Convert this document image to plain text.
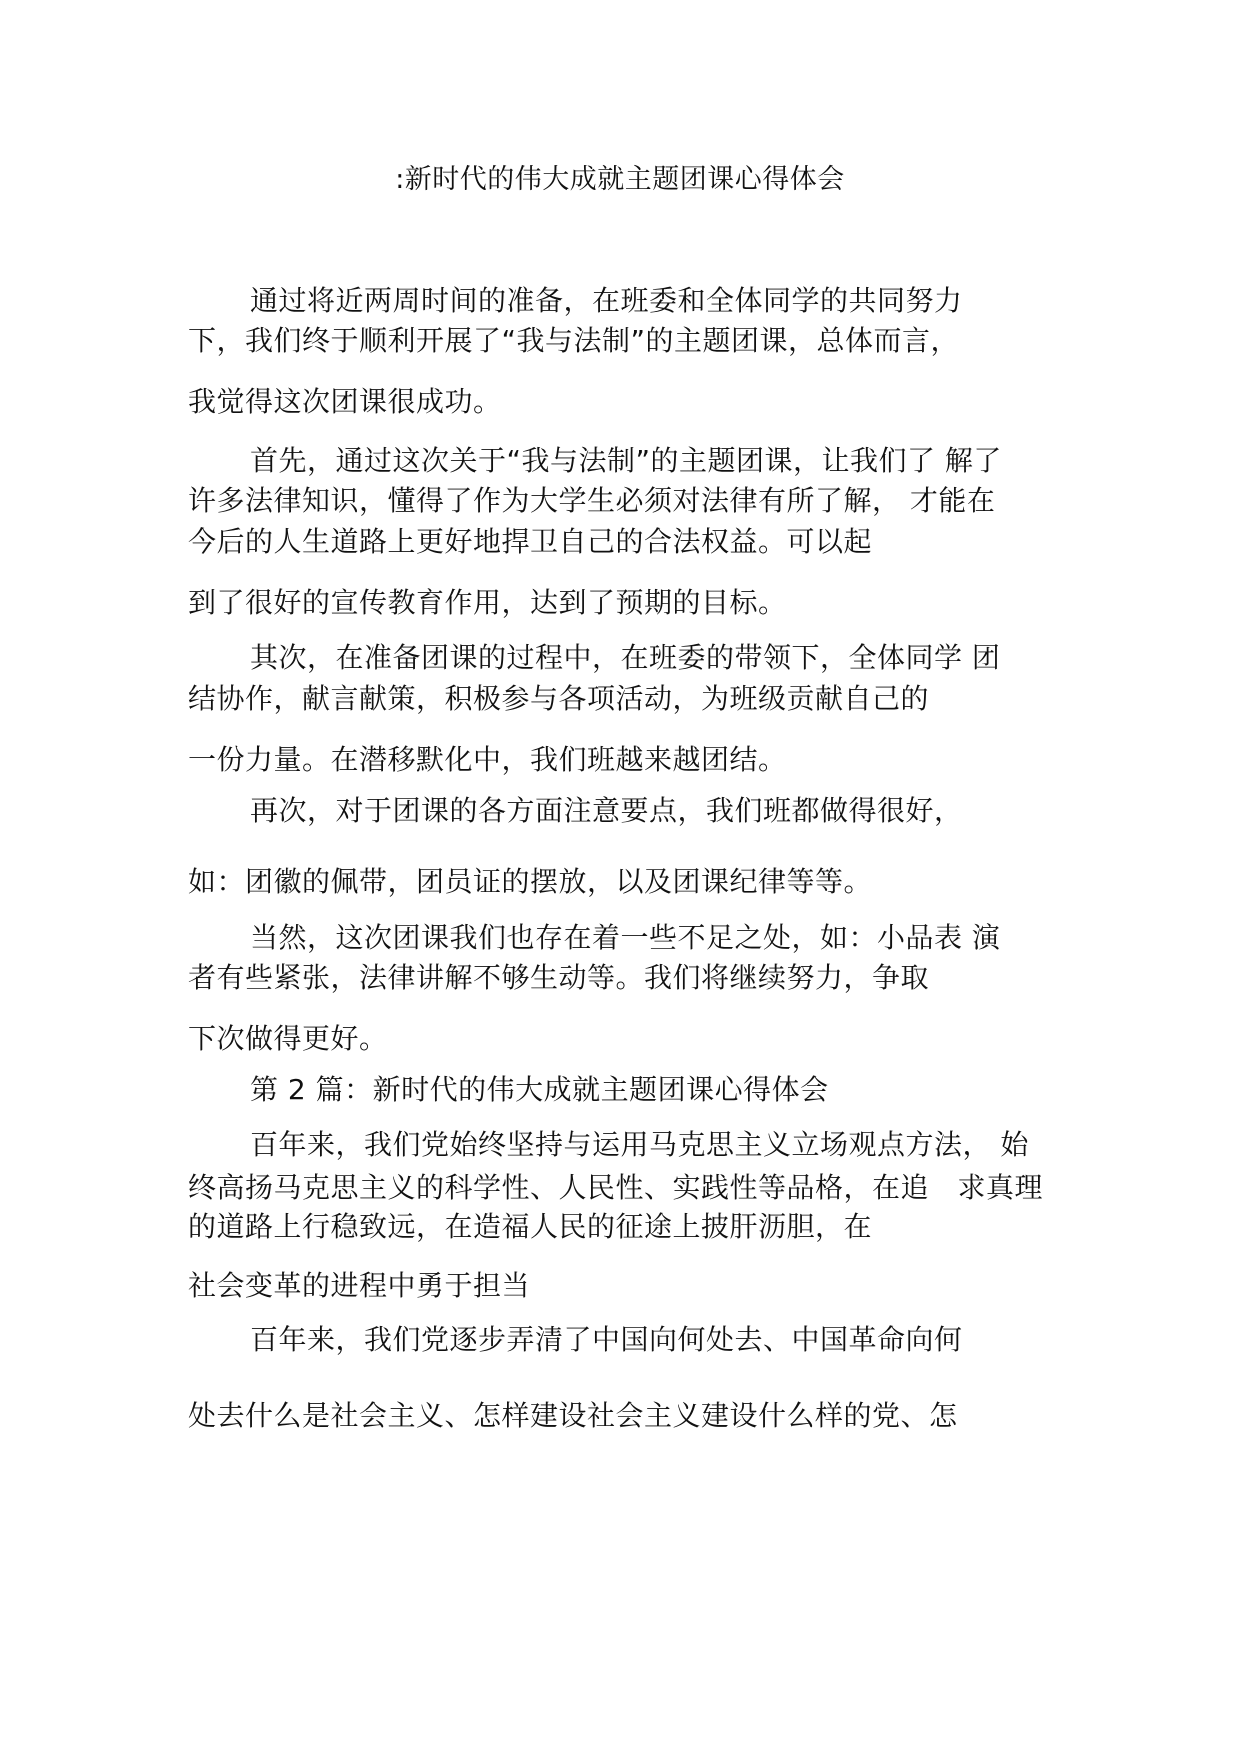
:新时代的伟大成就主题团课心得体会
通过将近两周时间的准备，在班委和全体同学的共同努力
下，我们终于顺利开展了“我与法制”的主题团课，总体而言，
我觉得这次团课很成功。
首先，通过这次关于“我与法制”的主题团课，让我们了 解了
许多法律知识，懂得了作为大学生必须对法律有所了解， 才能在
今后的人生道路上更好地捍卫自己的合法权益。可以起
到了很好的宣传教育作用，达到了预期的目标。
其次，在准备团课的过程中，在班委的带领下，全体同学 团
结协作，献言献策，积极参与各项活动，为班级贡献自己的
一份力量。在潜移默化中，我们班越来越团结。
再次，对于团课的各方面注意要点，我们班都做得很好，
如：团徽的佩带，团员证的摆放，以及团课纪律等等。
当然，这次团课我们也存在着一些不足之处，如：小品表 演
者有些紧张，法律讲解不够生动等。我们将继续努力，争取
下次做得更好。
第 2 篇：新时代的伟大成就主题团课心得体会
百年来，我们党始终坚持与运用马克思主义立场观点方法， 始
终高扬马克思主义的科学性、人民性、实践性等品格，在追　求真理
的道路上行稳致远，在造福人民的征途上披肝沥胆，在
社会变革的进程中勇于担当
百年来，我们党逐步弄清了中国向何处去、中国革命向何
处去什么是社会主义、怎样建设社会主义建设什么样的党、怎
